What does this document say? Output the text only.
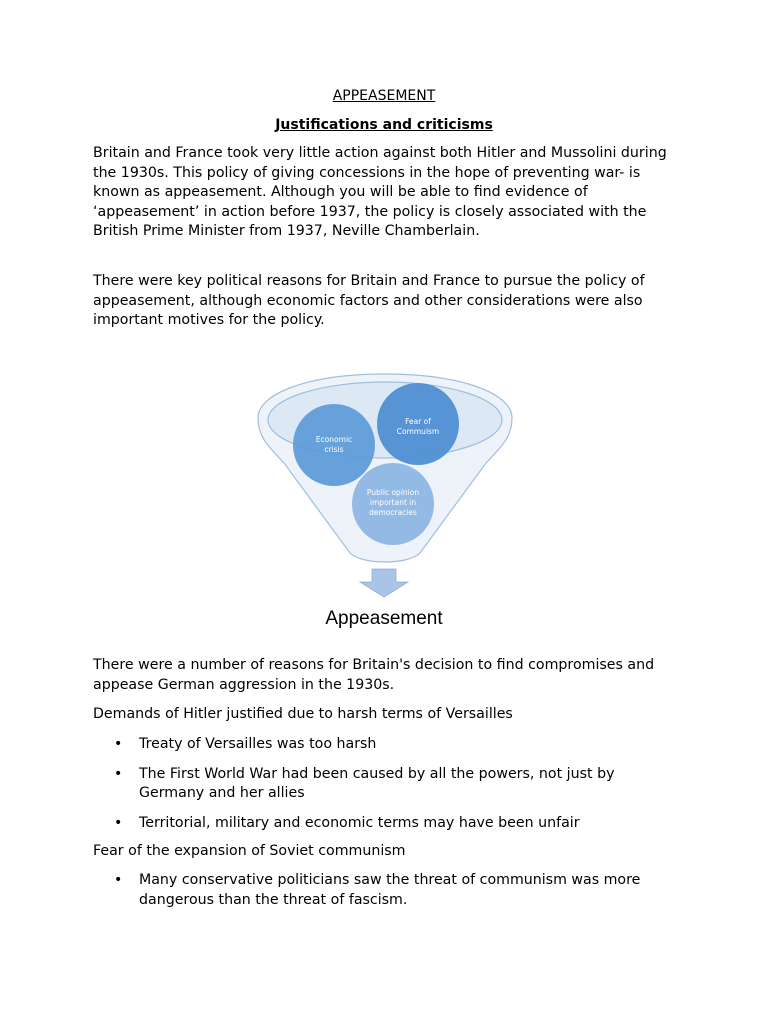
APPEASEMENT
Justifications and criticisms

Britain and France took very little action against both Hitler and Mussolini during the 1930s. This policy of giving concessions in the hope of preventing war- is known as appeasement. Although you will be able to find evidence of ‘appeasement’ in action before 1937, the policy is closely associated with the British Prime Minister from 1937, Neville Chamberlain.

There were key political reasons for Britain and France to pursue the policy of appeasement, although economic factors and other considerations were also important motives for the policy.

Economic crisis
Fear of Commuism
Public opinion important in democracies
Appeasement

There were a number of reasons for Britain's decision to find compromises and appease German aggression in the 1930s.

Demands of Hitler justified due to harsh terms of Versailles

• Treaty of Versailles was too harsh
• The First World War had been caused by all the powers, not just by Germany and her allies
• Territorial, military and economic terms may have been unfair

Fear of the expansion of Soviet communism

• Many conservative politicians saw the threat of communism was more dangerous than the threat of fascism.
